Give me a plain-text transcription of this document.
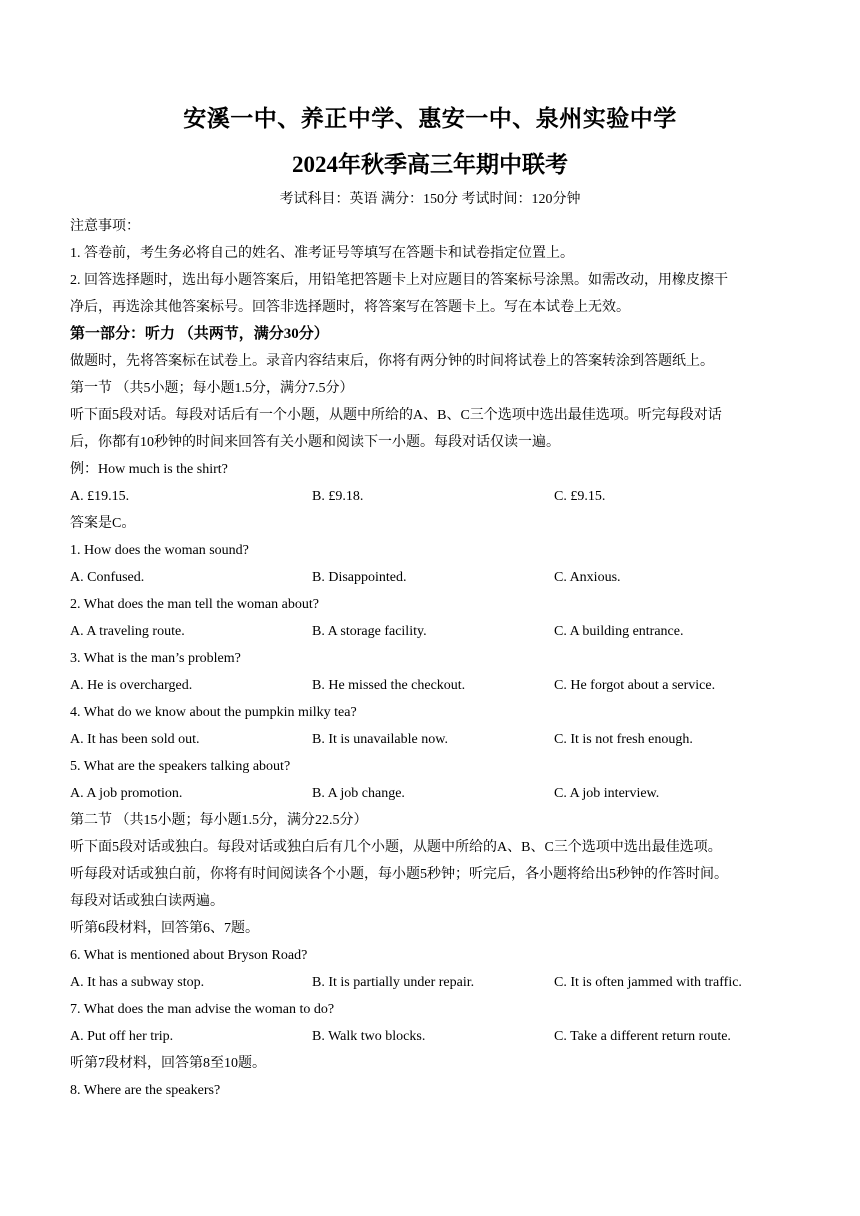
安溪一中、养正中学、惠安一中、泉州实验中学
2024年秋季高三年期中联考
考试科目：英语 满分：150分 考试时间：120分钟
注意事项：
1. 答卷前，考生务必将自己的姓名、准考证号等填写在答题卡和试卷指定位置上。
2. 回答选择题时，选出每小题答案后，用铅笔把答题卡上对应题目的答案标号涂黑。如需改动，用橡皮擦干
净后，再选涂其他答案标号。回答非选择题时，将答案写在答题卡上。写在本试卷上无效。
第一部分：听力 （共两节，满分30分）
做题时，先将答案标在试卷上。录音内容结束后，你将有两分钟的时间将试卷上的答案转涂到答题纸上。
第一节 （共5小题；每小题1.5分，满分7.5分）
听下面5段对话。每段对话后有一个小题，从题中所给的A、B、C三个选项中选出最佳选项。听完每段对话
后，你都有10秒钟的时间来回答有关小题和阅读下一小题。每段对话仅读一遍。
例：How much is the shirt?
A. £19.15.	B. £9.18.	C. £9.15.
答案是C。
1. How does the woman sound?
A. Confused.	B. Disappointed.	C. Anxious.
2. What does the man tell the woman about?
A. A traveling route.	B. A storage facility.	C. A building entrance.
3. What is the man’s problem?
A. He is overcharged.	B. He missed the checkout.	C. He forgot about a service.
4. What do we know about the pumpkin milky tea?
A. It has been sold out.	B. It is unavailable now.	C. It is not fresh enough.
5. What are the speakers talking about?
A. A job promotion.	B. A job change.	C. A job interview.
第二节 （共15小题；每小题1.5分，满分22.5分）
听下面5段对话或独白。每段对话或独白后有几个小题，从题中所给的A、B、C三个选项中选出最佳选项。
听每段对话或独白前，你将有时间阅读各个小题，每小题5秒钟；听完后，各小题将给出5秒钟的作答时间。
每段对话或独白读两遍。
听第6段材料，回答第6、7题。
6. What is mentioned about Bryson Road?
A. It has a subway stop.	B. It is partially under repair.	C. It is often jammed with traffic.
7. What does the man advise the woman to do?
A. Put off her trip.	B. Walk two blocks.	C. Take a different return route.
听第7段材料，回答第8至10题。
8. Where are the speakers?
